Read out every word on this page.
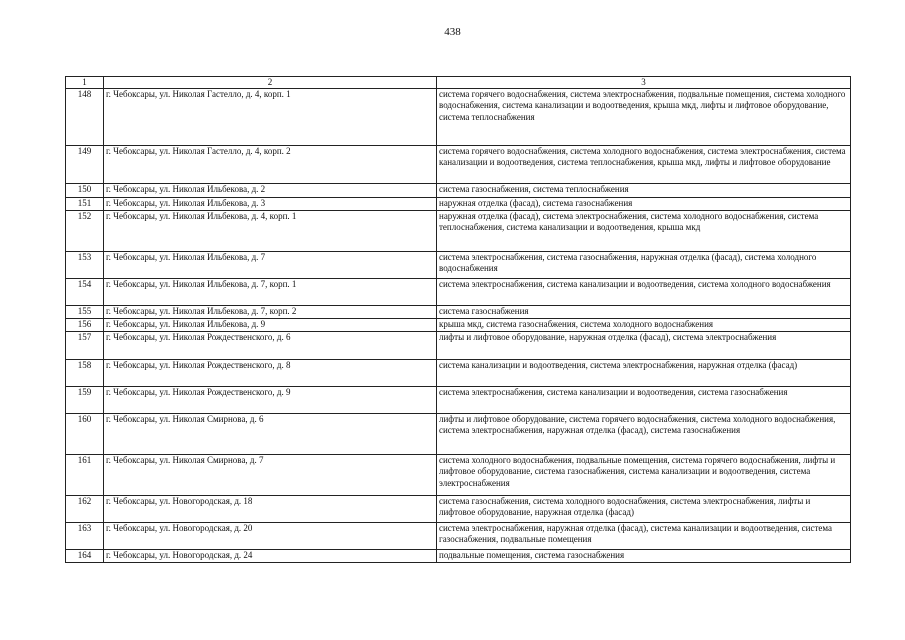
438
1	2	3
148	г. Чебоксары, ул. Николая Гастелло, д. 4, корп. 1	система горячего водоснабжения, система электроснабжения, подвальные помещения, система холодного водоснабжения, система канализации и водоотведения, крыша мкд, лифты и лифтовое оборудование, система теплоснабжения
149	г. Чебоксары, ул. Николая Гастелло, д. 4, корп. 2	система горячего водоснабжения, система холодного водоснабжения, система электроснабжения, система канализации и водоотведения, система теплоснабжения, крыша мкд, лифты и лифтовое оборудование
150	г. Чебоксары, ул. Николая Ильбекова, д. 2	система газоснабжения, система теплоснабжения
151	г. Чебоксары, ул. Николая Ильбекова, д. 3	наружная отделка (фасад), система газоснабжения
152	г. Чебоксары, ул. Николая Ильбекова, д. 4, корп. 1	наружная отделка (фасад), система электроснабжения, система холодного водоснабжения, система теплоснабжения, система канализации и водоотведения, крыша мкд
153	г. Чебоксары, ул. Николая Ильбекова, д. 7	система электроснабжения, система газоснабжения, наружная отделка (фасад), система холодного водоснабжения
154	г. Чебоксары, ул. Николая Ильбекова, д. 7, корп. 1	система электроснабжения, система канализации и водоотведения, система холодного водоснабжения
155	г. Чебоксары, ул. Николая Ильбекова, д. 7, корп. 2	система газоснабжения
156	г. Чебоксары, ул. Николая Ильбекова, д. 9	крыша мкд, система газоснабжения, система холодного водоснабжения
157	г. Чебоксары, ул. Николая Рождественского, д. 6	лифты и лифтовое оборудование, наружная отделка (фасад), система электроснабжения
158	г. Чебоксары, ул. Николая Рождественского, д. 8	система канализации и водоотведения, система электроснабжения, наружная отделка (фасад)
159	г. Чебоксары, ул. Николая Рождественского, д. 9	система электроснабжения, система канализации и водоотведения, система газоснабжения
160	г. Чебоксары, ул. Николая Смирнова, д. 6	лифты и лифтовое оборудование, система горячего водоснабжения, система холодного водоснабжения, система электроснабжения, наружная отделка (фасад), система газоснабжения
161	г. Чебоксары, ул. Николая Смирнова, д. 7	система холодного водоснабжения, подвальные помещения, система горячего водоснабжения, лифты и лифтовое оборудование, система газоснабжения, система канализации и водоотведения, система электроснабжения
162	г. Чебоксары, ул. Новогородская, д. 18	система газоснабжения, система холодного водоснабжения, система электроснабжения, лифты и лифтовое оборудование, наружная отделка (фасад)
163	г. Чебоксары, ул. Новогородская, д. 20	система электроснабжения, наружная отделка (фасад), система канализации и водоотведения, система газоснабжения, подвальные помещения
164	г. Чебоксары, ул. Новогородская, д. 24	подвальные помещения, система газоснабжения
